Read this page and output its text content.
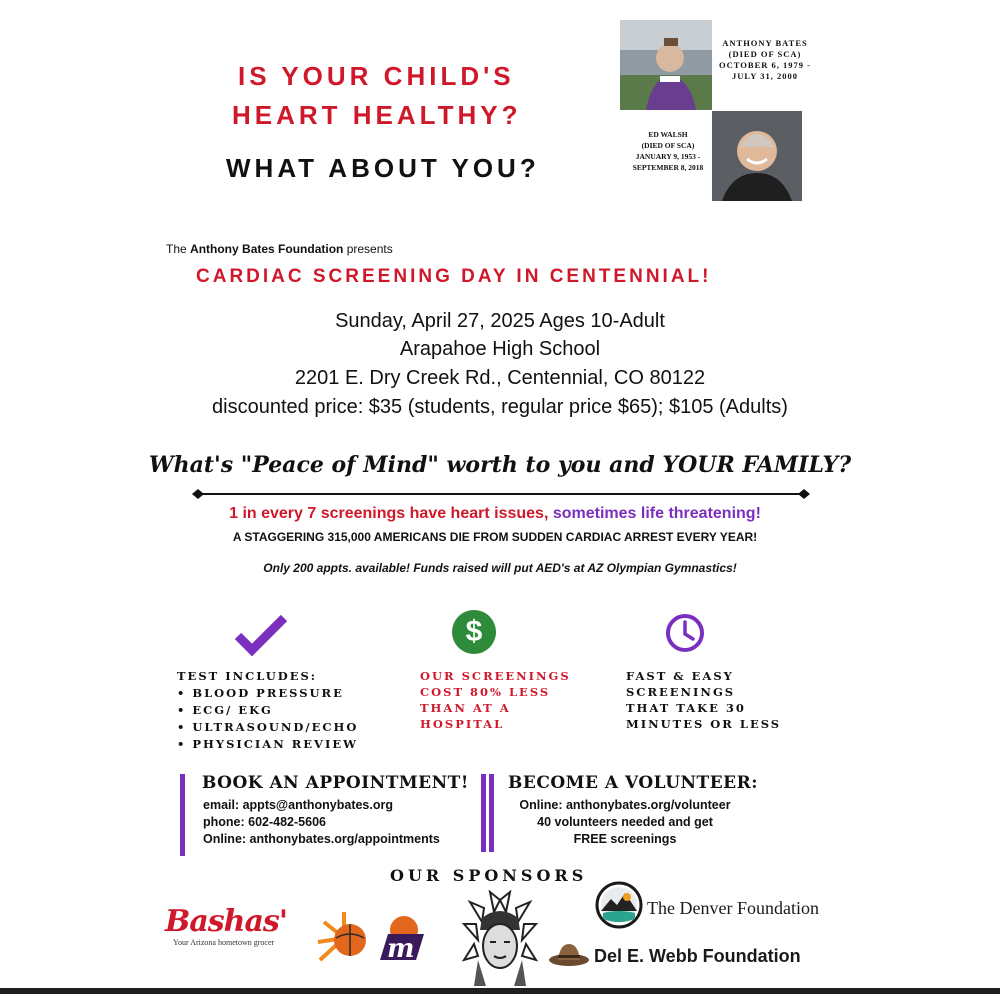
IS YOUR CHILD'S
HEART HEALTHY?
WHAT ABOUT YOU?
ANTHONY BATES
(DIED OF SCA)
OCTOBER 6, 1979 -
JULY 31, 2000
ED WALSH
(DIED OF SCA)
JANUARY 9, 1953 -
SEPTEMBER 8, 2018
The Anthony Bates Foundation presents
CARDIAC SCREENING DAY IN CENTENNIAL!
Sunday, April 27, 2025 Ages 10-Adult
Arapahoe High School
2201 E. Dry Creek Rd., Centennial, CO 80122
discounted price: $35 (students, regular price $65); $105 (Adults)
What's "Peace of Mind" worth to you and YOUR FAMILY?
1 in every 7 screenings have heart issues, sometimes life threatening!
A STAGGERING 315,000 AMERICANS DIE FROM SUDDEN CARDIAC ARREST EVERY YEAR!
Only 200 appts. available! Funds raised will put AED's at AZ Olympian Gymnastics!
$
TEST INCLUDES:
• BLOOD PRESSURE
• ECG/ EKG
• ULTRASOUND/ECHO
• PHYSICIAN REVIEW
OUR SCREENINGS
COST 80% LESS
THAN AT A
HOSPITAL
FAST & EASY
SCREENINGS
THAT TAKE 30
MINUTES OR LESS
BOOK AN APPOINTMENT!
email: appts@anthonybates.org
phone: 602-482-5606
Online: anthonybates.org/appointments
BECOME A VOLUNTEER:
Online: anthonybates.org/volunteer
40 volunteers needed and get
FREE screenings
OUR SPONSORS
Bashas'
Your Arizona hometown grocer	m
The Denver Foundation
Del E. Webb Foundation
